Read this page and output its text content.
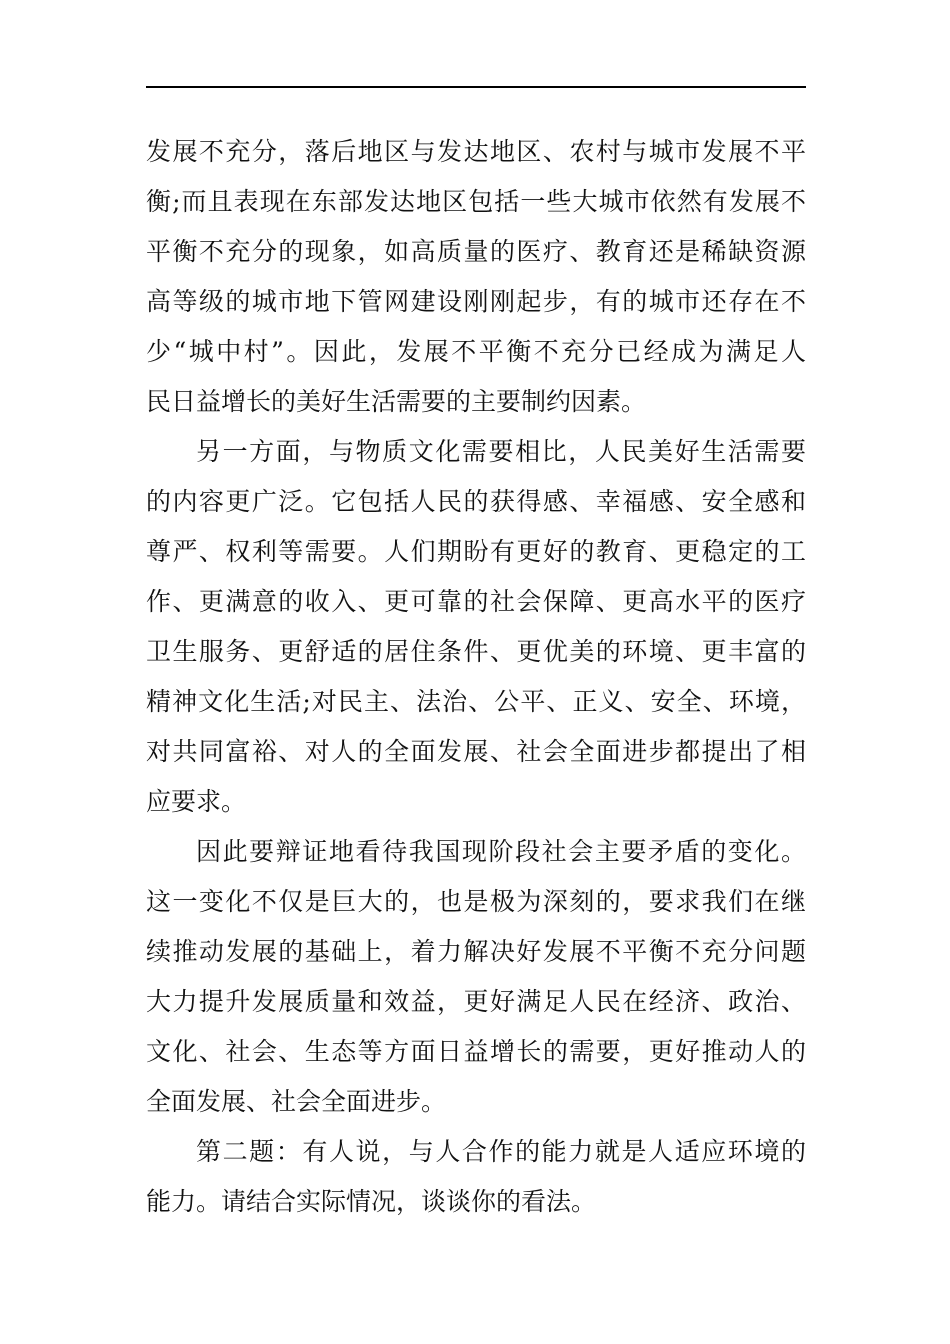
发展不充分，落后地区与发达地区、农村与城市发展不平
衡;而且表现在东部发达地区包括一些大城市依然有发展不
平衡不充分的现象，如高质量的医疗、教育还是稀缺资源
高等级的城市地下管网建设刚刚起步，有的城市还存在不
少“城中村”。因此，发展不平衡不充分已经成为满足人
民日益增长的美好生活需要的主要制约因素。
另一方面，与物质文化需要相比，人民美好生活需要
的内容更广泛。它包括人民的获得感、幸福感、安全感和
尊严、权利等需要。人们期盼有更好的教育、更稳定的工
作、更满意的收入、更可靠的社会保障、更高水平的医疗
卫生服务、更舒适的居住条件、更优美的环境、更丰富的
精神文化生活;对民主、法治、公平、正义、安全、环境，
对共同富裕、对人的全面发展、社会全面进步都提出了相
应要求。
因此要辩证地看待我国现阶段社会主要矛盾的变化。
这一变化不仅是巨大的，也是极为深刻的，要求我们在继
续推动发展的基础上，着力解决好发展不平衡不充分问题
大力提升发展质量和效益，更好满足人民在经济、政治、
文化、社会、生态等方面日益增长的需要，更好推动人的
全面发展、社会全面进步。
第二题：有人说，与人合作的能力就是人适应环境的
能力。请结合实际情况，谈谈你的看法。
